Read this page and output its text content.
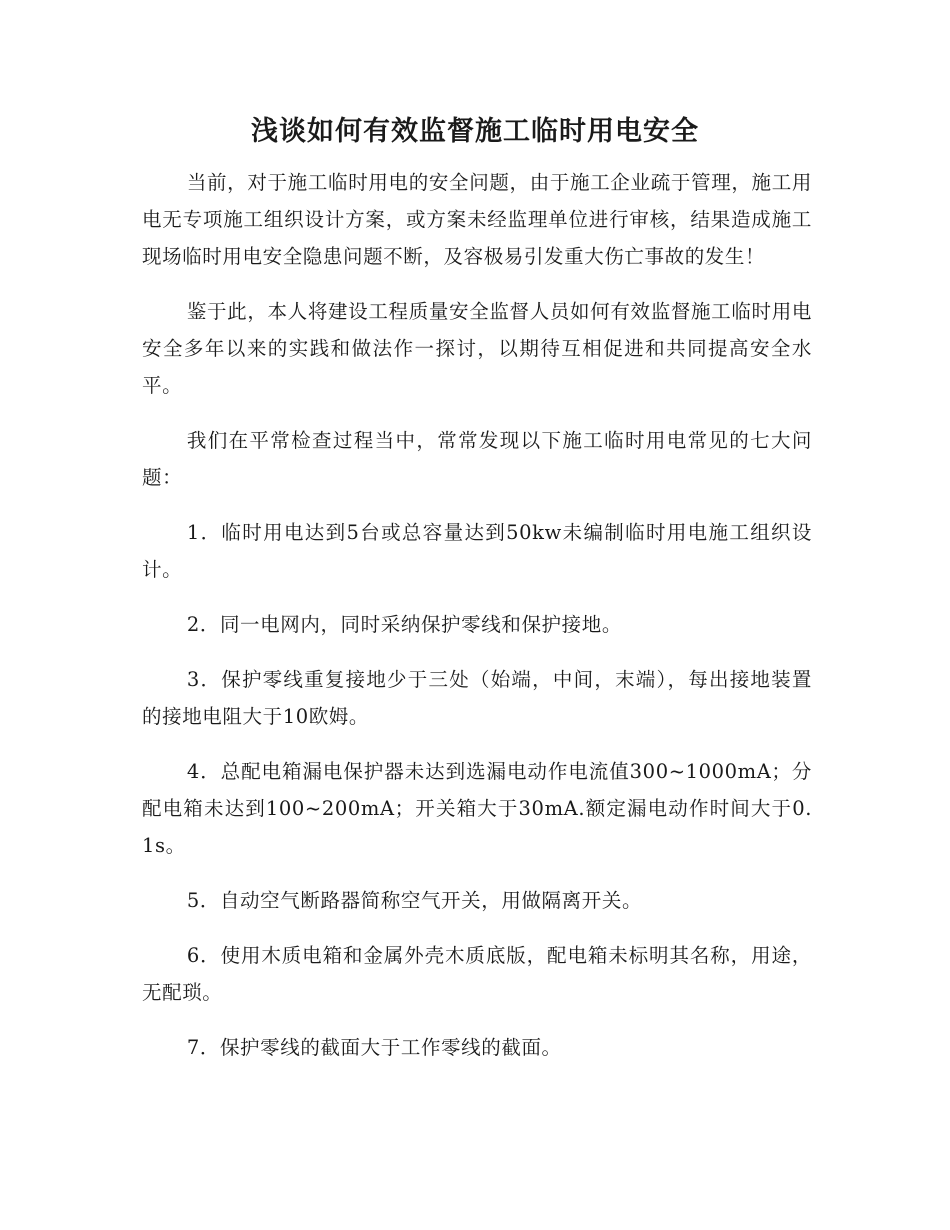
浅谈如何有效监督施工临时用电安全

当前，对于施工临时用电的安全问题，由于施工企业疏于管理，施工用电无专项施工组织设计方案，或方案未经监理单位进行审核，结果造成施工现场临时用电安全隐患问题不断，及容极易引发重大伤亡事故的发生！

鉴于此，本人将建设工程质量安全监督人员如何有效监督施工临时用电安全多年以来的实践和做法作一探讨，以期待互相促进和共同提高安全水平。

我们在平常检查过程当中，常常发现以下施工临时用电常见的七大问题：

1．临时用电达到5台或总容量达到50kw未编制临时用电施工组织设计。

2．同一电网内，同时采纳保护零线和保护接地。

3．保护零线重复接地少于三处（始端，中间，末端），每出接地装置的接地电阻大于10欧姆。

4．总配电箱漏电保护器未达到选漏电动作电流值300~1000mA；分配电箱未达到100~200mA；开关箱大于30mA.额定漏电动作时间大于0.1s。

5．自动空气断路器简称空气开关，用做隔离开关。

6．使用木质电箱和金属外壳木质底版，配电箱未标明其名称，用途，无配琐。

7．保护零线的截面大于工作零线的截面。
